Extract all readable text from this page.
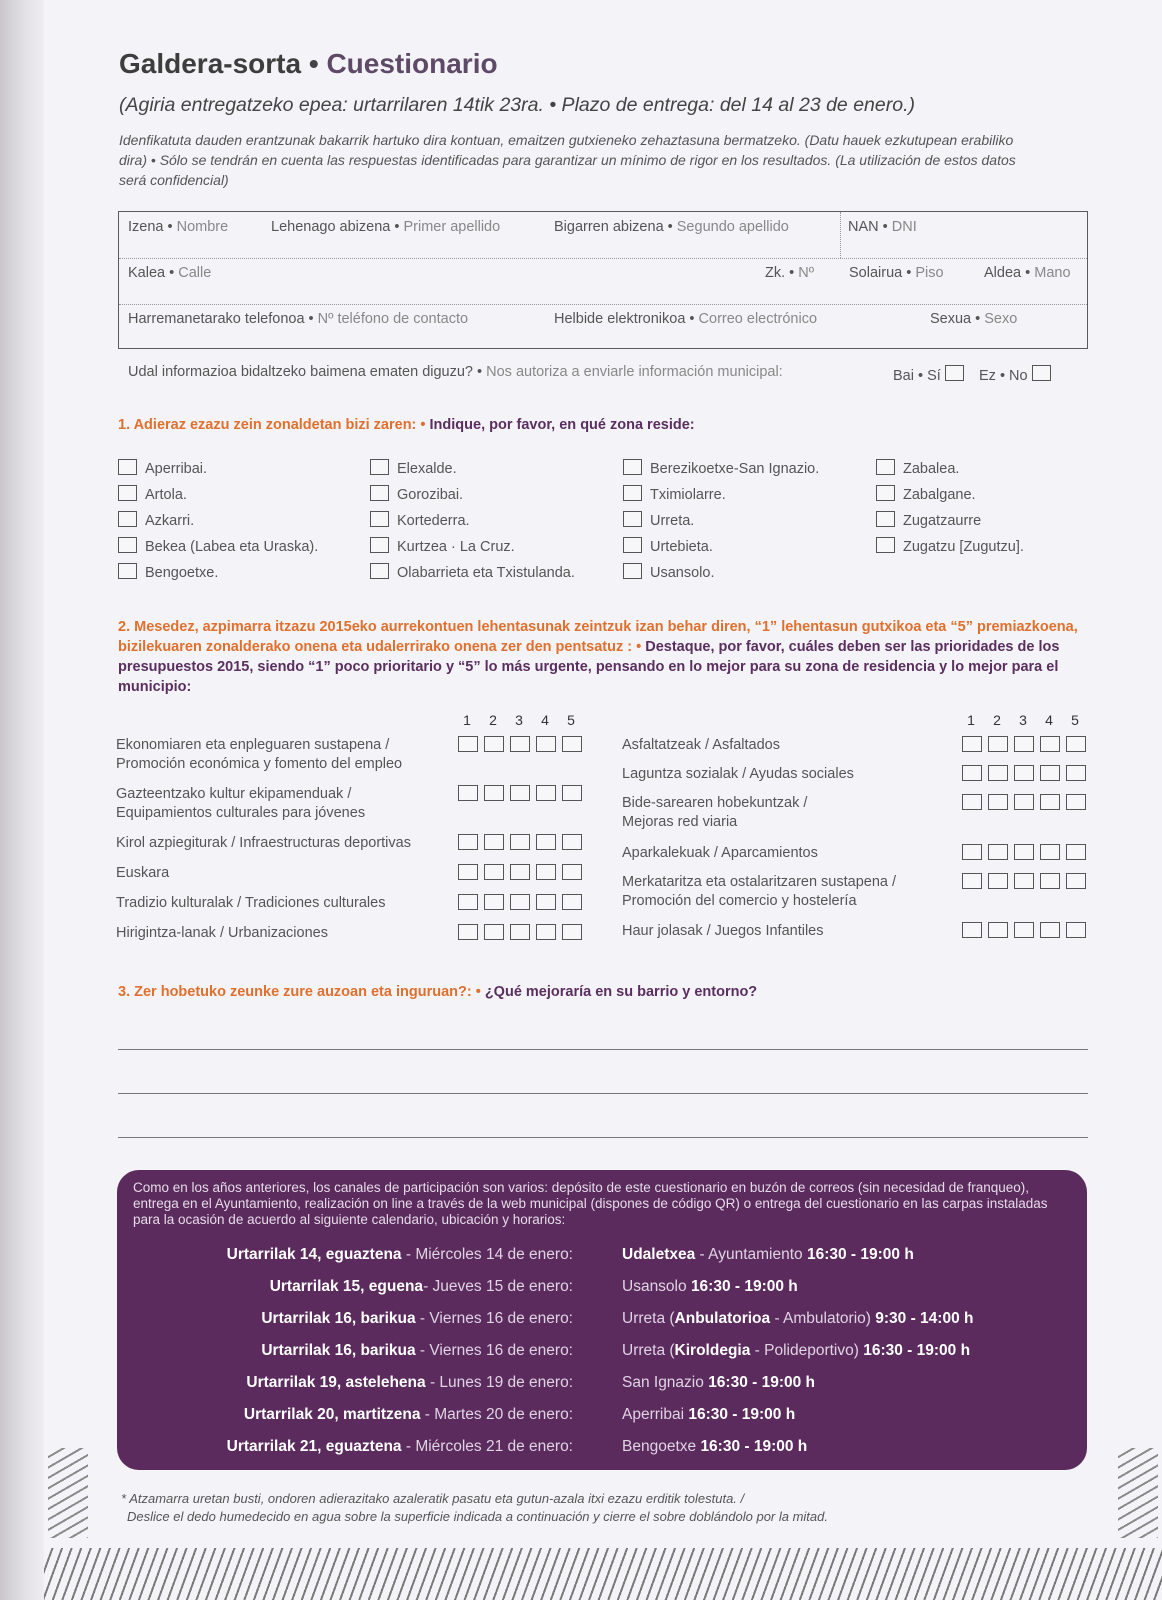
Galdera-sorta • Cuestionario
(Agiria entregatzeko epea: urtarrilaren 14tik 23ra. • Plazo de entrega: del 14 al 23 de enero.)
Idenfikatuta dauden erantzunak bakarrik hartuko dira kontuan, emaitzen gutxieneko zehaztasuna bermatzeko. (Datu hauek ezkutupean erabiliko dira) • Sólo se tendrán en cuenta las respuestas identificadas para garantizar un mínimo de rigor en los resultados. (La utilización de estos datos será confidencial)
Izena • Nombre	Lehenago abizena • Primer apellido	Bigarren abizena • Segundo apellido	NAN • DNI
Kalea • Calle	Zk. • Nº Solairua • Piso	Aldea • Mano
Harremanetarako telefonoa • Nº teléfono de contacto	Helbide elektronikoa • Correo electrónico	Sexua • Sexo
Udal informazioa bidaltzeko baimena ematen diguzu? • Nos autoriza a enviarle información municipal:	Bai • Sí	Ez • No
1. Adieraz ezazu zein zonaldetan bizi zaren: • Indique, por favor, en qué zona reside:
Aperribai.
Artola.
Azkarri.
Bekea (Labea eta Uraska).
Bengoetxe.
Elexalde.
Gorozibai.
Kortederra.
Kurtzea · La Cruz.
Olabarrieta eta Txistulanda.
Berezikoetxe-San Ignazio.
Tximiolarre.
Urreta.
Urtebieta.
Usansolo.
Zabalea.
Zabalgane.
Zugatzaurre
Zugatzu [Zugutzu].
2. Mesedez, azpimarra itzazu 2015eko aurrekontuen lehentasunak zeintzuk izan behar diren, “1” lehentasun gutxikoa eta “5” premiazkoena, bizilekuaren zonalderako onena eta udalerrirako onena zer den pentsatuz : • Destaque, por favor, cuáles deben ser las prioridades de los presupuestos 2015, siendo “1” poco prioritario y “5” lo más urgente, pensando en lo mejor para su zona de residencia y lo mejor para el municipio:
1 2 3 4 5	1 2 3 4 5
Ekonomiaren eta enpleguaren sustapena /
Promoción económica y fomento del empleo
Gazteentzako kultur ekipamenduak /
Equipamientos culturales para jóvenes
Kirol azpiegiturak / Infraestructuras deportivas
Euskara
Tradizio kulturalak / Tradiciones culturales
Hirigintza-lanak / Urbanizaciones
Asfaltatzeak / Asfaltados
Laguntza sozialak / Ayudas sociales
Bide-sarearen hobekuntzak /
Mejoras red viaria
Aparkalekuak / Aparcamientos
Merkataritza eta ostalaritzaren sustapena /
Promoción del comercio y hostelería
Haur jolasak / Juegos Infantiles
3. Zer hobetuko zeunke zure auzoan eta inguruan?: • ¿Qué mejoraría en su barrio y entorno?
Como en los años anteriores, los canales de participación son varios: depósito de este cuestionario en buzón de correos (sin necesidad de franqueo), entrega en el Ayuntamiento, realización on line a través de la web municipal (dispones de código QR) o entrega del cuestionario en las carpas instaladas para la ocasión de acuerdo al siguiente calendario, ubicación y horarios:
Urtarrilak 14, eguaztena - Miércoles 14 de enero:	Udaletxea - Ayuntamiento 16:30 - 19:00 h
Urtarrilak 15, eguena- Jueves 15 de enero:	Usansolo 16:30 - 19:00 h
Urtarrilak 16, barikua - Viernes 16 de enero:	Urreta (Anbulatorioa - Ambulatorio) 9:30 - 14:00 h
Urtarrilak 16, barikua - Viernes 16 de enero:	Urreta (Kiroldegia - Polideportivo) 16:30 - 19:00 h
Urtarrilak 19, astelehena - Lunes 19 de enero:	San Ignazio 16:30 - 19:00 h
Urtarrilak 20, martitzena - Martes 20 de enero:	Aperribai 16:30 - 19:00 h
Urtarrilak 21, eguaztena - Miércoles 21 de enero:	Bengoetxe 16:30 - 19:00 h
* Atzamarra uretan busti, ondoren adierazitako azaleratik pasatu eta gutun-azala itxi ezazu erditik tolestuta. /
Deslice el dedo humedecido en agua sobre la superficie indicada a continuación y cierre el sobre doblándolo por la mitad.
